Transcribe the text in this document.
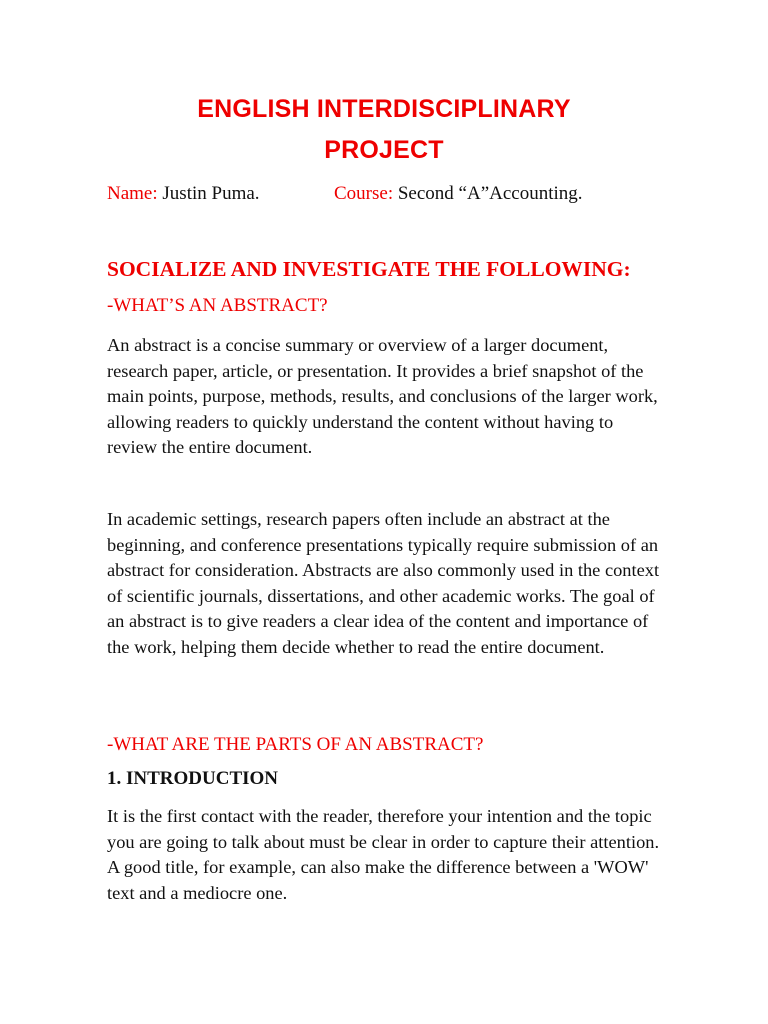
ENGLISH INTERDISCIPLINARY
PROJECT
Name: Justin Puma.	Course: Second “A”Accounting.
SOCIALIZE AND INVESTIGATE THE FOLLOWING:
-WHAT’S AN ABSTRACT?

An abstract is a concise summary or overview of a larger document, research paper, article, or presentation. It provides a brief snapshot of the main points, purpose, methods, results, and conclusions of the larger work, allowing readers to quickly understand the content without having to review the entire document.

In academic settings, research papers often include an abstract at the beginning, and conference presentations typically require submission of an abstract for consideration. Abstracts are also commonly used in the context of scientific journals, dissertations, and other academic works. The goal of an abstract is to give readers a clear idea of the content and importance of the work, helping them decide whether to read the entire document.

-WHAT ARE THE PARTS OF AN ABSTRACT?
1. INTRODUCTION

It is the first contact with the reader, therefore your intention and the topic you are going to talk about must be clear in order to capture their attention. A good title, for example, can also make the difference between a 'WOW' text and a mediocre one.
